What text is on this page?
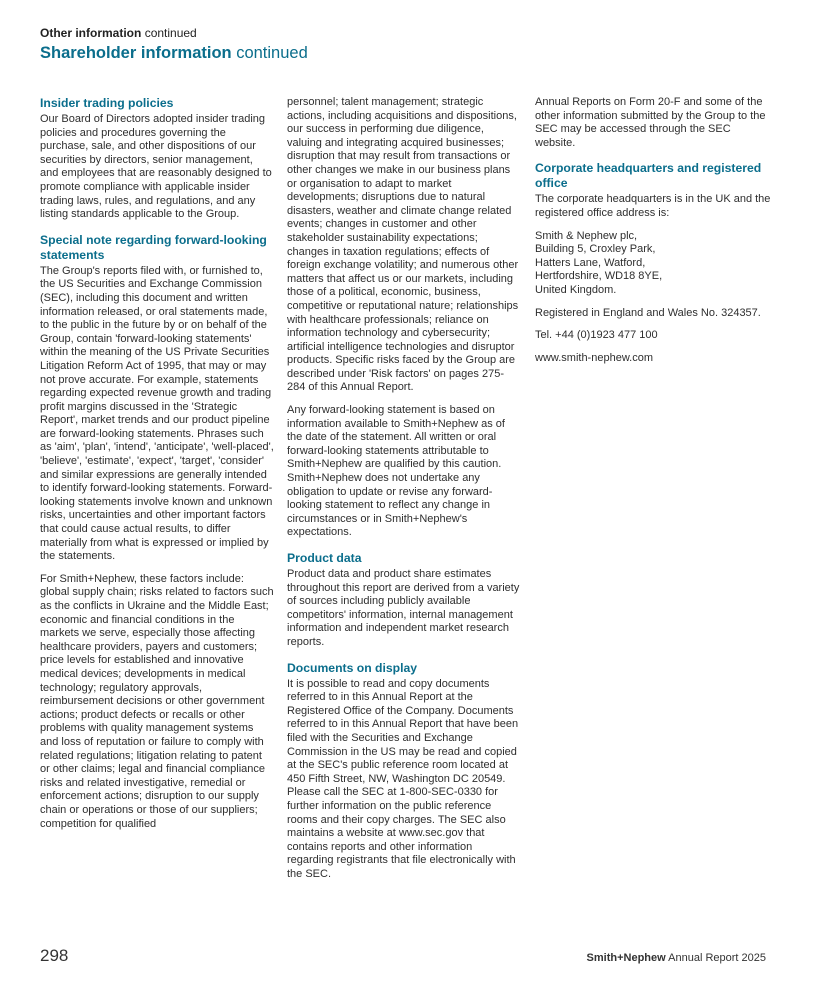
Other information continued
Shareholder information continued
Insider trading policies

Our Board of Directors adopted insider trading policies and procedures governing the purchase, sale, and other dispositions of our securities by directors, senior management, and employees that are reasonably designed to promote compliance with applicable insider trading laws, rules, and regulations, and any listing standards applicable to the Group.

Special note regarding forward-looking statements

The Group's reports filed with, or furnished to, the US Securities and Exchange Commission (SEC), including this document and written information released, or oral statements made, to the public in the future by or on behalf of the Group, contain 'forward-looking statements' within the meaning of the US Private Securities Litigation Reform Act of 1995, that may or may not prove accurate. For example, statements regarding expected revenue growth and trading profit margins discussed in the 'Strategic Report', market trends and our product pipeline are forward-looking statements. Phrases such as 'aim', 'plan', 'intend', 'anticipate', 'well-placed', 'believe', 'estimate', 'expect', 'target', 'consider' and similar expressions are generally intended to identify forward-looking statements. Forward-looking statements involve known and unknown risks, uncertainties and other important factors that could cause actual results, to differ materially from what is expressed or implied by the statements.

For Smith+Nephew, these factors include: global supply chain; risks related to factors such as the conflicts in Ukraine and the Middle East; economic and financial conditions in the markets we serve, especially those affecting healthcare providers, payers and customers; price levels for established and innovative medical devices; developments in medical technology; regulatory approvals, reimbursement decisions or other government actions; product defects or recalls or other problems with quality management systems and loss of reputation or failure to comply with related regulations; litigation relating to patent or other claims; legal and financial compliance risks and related investigative, remedial or enforcement actions; disruption to our supply chain or operations or those of our suppliers; competition for qualified

personnel; talent management; strategic actions, including acquisitions and dispositions, our success in performing due diligence, valuing and integrating acquired businesses; disruption that may result from transactions or other changes we make in our business plans or organisation to adapt to market developments; disruptions due to natural disasters, weather and climate change related events; changes in customer and other stakeholder sustainability expectations; changes in taxation regulations; effects of foreign exchange volatility; and numerous other matters that affect us or our markets, including those of a political, economic, business, competitive or reputational nature; relationships with healthcare professionals; reliance on information technology and cybersecurity; artificial intelligence technologies and disruptor products. Specific risks faced by the Group are described under 'Risk factors' on pages 275-284 of this Annual Report.

Any forward-looking statement is based on information available to Smith+Nephew as of the date of the statement. All written or oral forward-looking statements attributable to Smith+Nephew are qualified by this caution. Smith+Nephew does not undertake any obligation to update or revise any forward-looking statement to reflect any change in circumstances or in Smith+Nephew's expectations.

Product data

Product data and product share estimates throughout this report are derived from a variety of sources including publicly available competitors' information, internal management information and independent market research reports.

Documents on display

It is possible to read and copy documents referred to in this Annual Report at the Registered Office of the Company. Documents referred to in this Annual Report that have been filed with the Securities and Exchange Commission in the US may be read and copied at the SEC's public reference room located at 450 Fifth Street, NW, Washington DC 20549. Please call the SEC at 1-800-SEC-0330 for further information on the public reference rooms and their copy charges. The SEC also maintains a website at www.sec.gov that contains reports and other information regarding registrants that file electronically with the SEC.

Annual Reports on Form 20-F and some of the other information submitted by the Group to the SEC may be accessed through the SEC website.

Corporate headquarters and registered office

The corporate headquarters is in the UK and the registered office address is:

Smith & Nephew plc,
Building 5, Croxley Park,
Hatters Lane, Watford,
Hertfordshire, WD18 8YE,
United Kingdom.

Registered in England and Wales No. 324357.

Tel. +44 (0)1923 477 100

www.smith-nephew.com

298	Smith+Nephew Annual Report 2025
